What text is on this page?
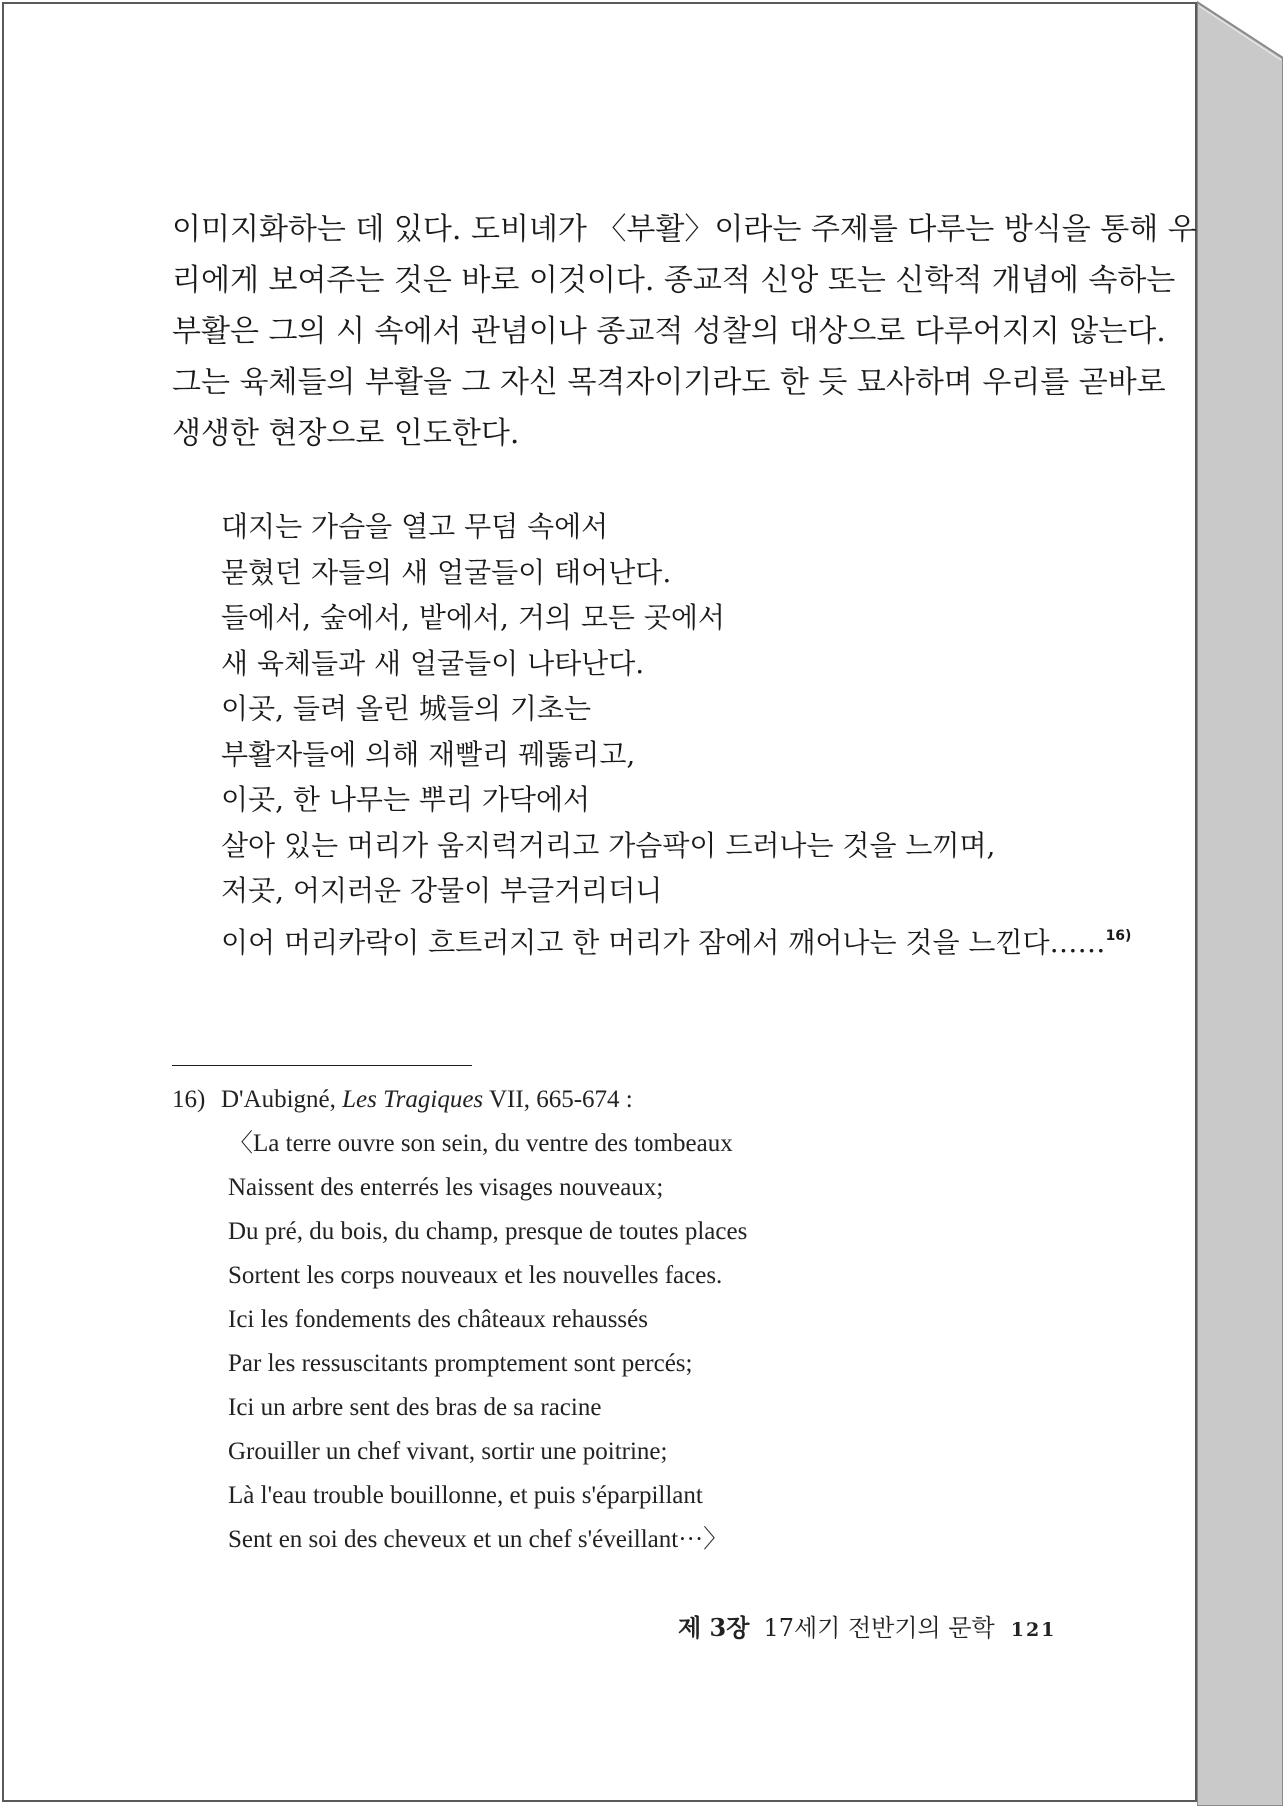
이미지화하는 데 있다. 도비녜가 〈부활〉이라는 주제를 다루는 방식을 통해 우
리에게 보여주는 것은 바로 이것이다. 종교적 신앙 또는 신학적 개념에 속하는
부활은 그의 시 속에서 관념이나 종교적 성찰의 대상으로 다루어지지 않는다.
그는 육체들의 부활을 그 자신 목격자이기라도 한 듯 묘사하며 우리를 곧바로
생생한 현장으로 인도한다.
대지는 가슴을 열고 무덤 속에서
묻혔던 자들의 새 얼굴들이 태어난다.
들에서, 숲에서, 밭에서, 거의 모든 곳에서
새 육체들과 새 얼굴들이 나타난다.
이곳, 들려 올린 城들의 기초는
부활자들에 의해 재빨리 꿰뚫리고,
이곳, 한 나무는 뿌리 가닥에서
살아 있는 머리가 움지럭거리고 가슴팍이 드러나는 것을 느끼며,
저곳, 어지러운 강물이 부글거리더니
이어 머리카락이 흐트러지고 한 머리가 잠에서 깨어나는 것을 느낀다……$^{16)}$
16) D'Aubigné, Les Tragiques VII, 665-674 :
〈La terre ouvre son sein, du ventre des tombeaux
Naissent des enterrés les visages nouveaux;
Du pré, du bois, du champ, presque de toutes places
Sortent les corps nouveaux et les nouvelles faces.
Ici les fondements des châteaux rehaussés
Par les ressuscitants promptement sont percés;
Ici un arbre sent des bras de sa racine
Grouiller un chef vivant, sortir une poitrine;
Là l'eau trouble bouillonne, et puis s'éparpillant
Sent en soi des cheveux et un chef s'éveillant···〉
제 3장 17세기 전반기의 문학 121
